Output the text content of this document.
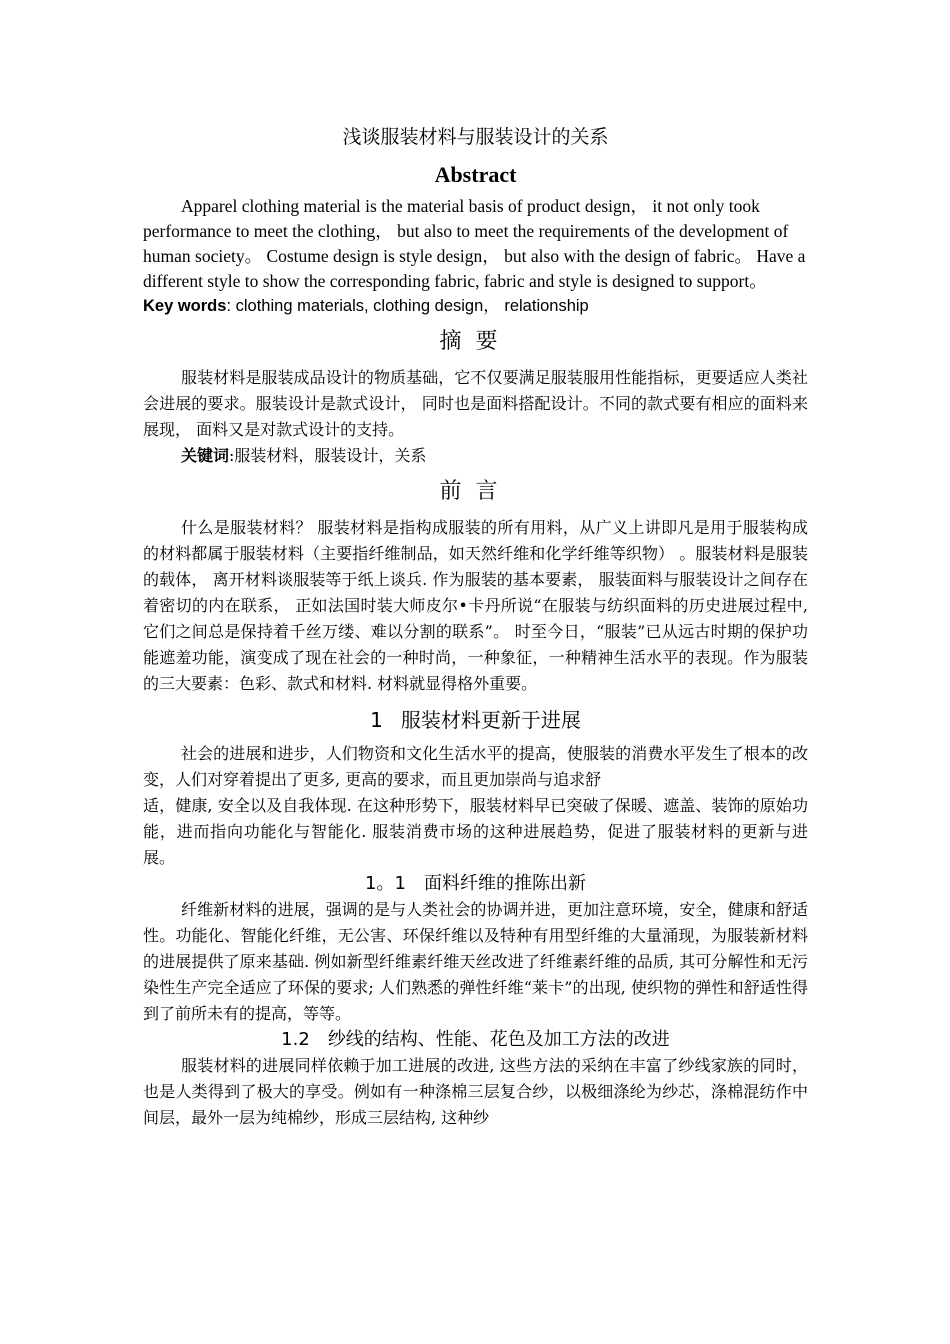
浅谈服装材料与服装设计的关系
Abstract

Apparel clothing material is the material basis of product design， it not only took performance to meet the clothing， but also to meet the requirements of the development of human society。 Costume design is style design， but also with the design of fabric。 Have a different style to show the corresponding fabric, fabric and style is designed to support。

Key words: clothing materials, clothing design， relationship
摘要

服装材料是服装成品设计的物质基础，它不仅要满足服装服用性能指标，更要适应人类社会进展的要求。服装设计是款式设计， 同时也是面料搭配设计。不同的款式要有相应的面料来展现， 面料又是对款式设计的支持。

关键词:服装材料，服装设计，关系
前言

什么是服装材料？ 服装材料是指构成服装的所有用料，从广义上讲即凡是用于服装构成的材料都属于服装材料（主要指纤维制品，如天然纤维和化学纤维等织物） 。服装材料是服装的载体， 离开材料谈服装等于纸上谈兵. 作为服装的基本要素， 服装面料与服装设计之间存在着密切的内在联系， 正如法国时装大师皮尔•卡丹所说“在服装与纺织面料的历史进展过程中, 它们之间总是保持着千丝万缕、难以分割的联系”。 时至今日，“服装”已从远古时期的保护功能遮羞功能，演变成了现在社会的一种时尚，一种象征，一种精神生活水平的表现。作为服装的三大要素：色彩、款式和材料. 材料就显得格外重要。

1 服装材料更新于进展

社会的进展和进步，人们物资和文化生活水平的提高，使服装的消费水平发生了根本的改变，人们对穿着提出了更多, 更高的要求，而且更加崇尚与追求舒

适，健康, 安全以及自我体现. 在这种形势下，服装材料早已突破了保暖、遮盖、装饰的原始功能，进而指向功能化与智能化. 服装消费市场的这种进展趋势，促进了服装材料的更新与进展。

1。1 面料纤维的推陈出新

纤维新材料的进展，强调的是与人类社会的协调并进，更加注意环境，安全，健康和舒适性。功能化、智能化纤维，无公害、环保纤维以及特种有用型纤维的大量涌现，为服装新材料的进展提供了原来基础. 例如新型纤维素纤维天丝改进了纤维素纤维的品质, 其可分解性和无污染性生产完全适应了环保的要求; 人们熟悉的弹性纤维“莱卡”的出现, 使织物的弹性和舒适性得到了前所未有的提高，等等。

1.2 纱线的结构、性能、花色及加工方法的改进

服装材料的进展同样依赖于加工进展的改进, 这些方法的采纳在丰富了纱线家族的同时，也是人类得到了极大的享受。例如有一种涤棉三层复合纱，以极细涤纶为纱芯，涤棉混纺作中间层，最外一层为纯棉纱，形成三层结构, 这种纱
